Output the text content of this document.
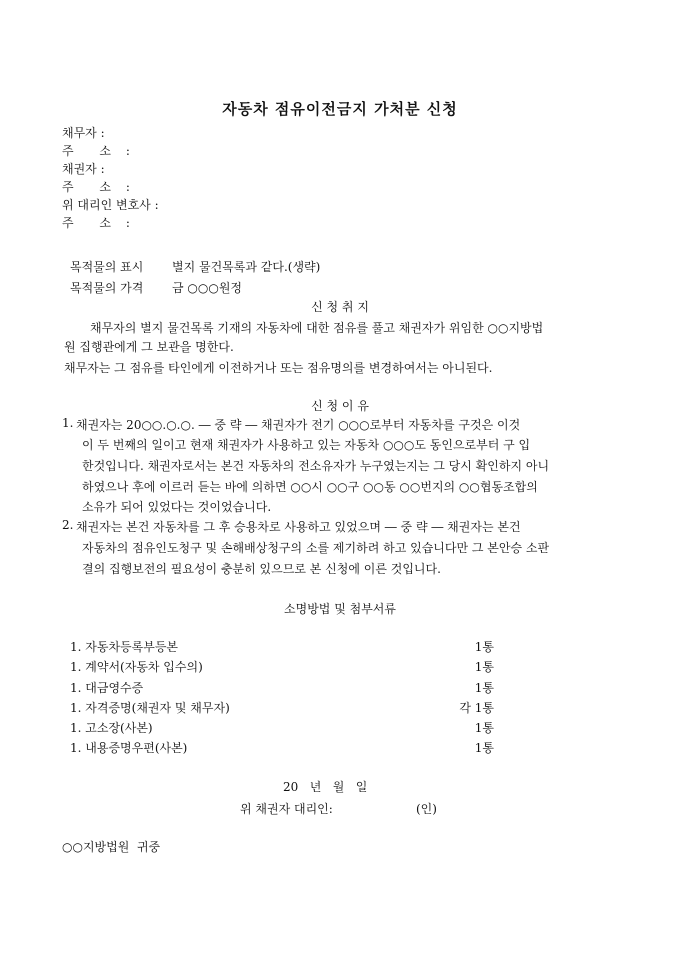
자동차 점유이전금지 가처분 신청
채무자 :
주 소 :
채권자 :
주 소 :
위 대리인 변호사 :
주 소 :
목적물의 표시 별지 물건목록과 같다.(생략)
목적물의 가격 금 ○○○원정
신 청 취 지
채무자의 별지 물건목록 기재의 자동차에 대한 점유를 풀고 채권자가 위임한 ○○지방법
원 집행관에게 그 보관을 명한다.
채무자는 그 점유를 타인에게 이전하거나 또는 점유명의를 변경하여서는 아니된다.
신 청 이 유
1. 채권자는 20○○.○.○. ― 중 략 ― 채권자가 전기 ○○○로부터 자동차를 구것은 이것
이 두 번째의 일이고 현재 채권자가 사용하고 있는 자동차 ○○○도 동인으로부터 구 입
한것입니다. 채권자로서는 본건 자동차의 전소유자가 누구였는지는 그 당시 확인하지 아니
하였으나 후에 이르러 듣는 바에 의하면 ○○시 ○○구 ○○동 ○○번지의 ○○협동조합의
소유가 되어 있었다는 것이었습니다.
2. 채권자는 본건 자동차를 그 후 승용차로 사용하고 있었으며 ― 중 략 ― 채권자는 본건
자동차의 점유인도청구 및 손해배상청구의 소를 제기하려 하고 있습니다만 그 본안승 소판
결의 집행보전의 필요성이 충분히 있으므로 본 신청에 이른 것입니다.
소명방법 및 첨부서류
1. 자동차등록부등본	1통
1. 계약서(자동차 입수의)	1통
1. 대금영수증	1통
1. 자격증명(채권자 및 채무자)	각 1통
1. 고소장(사본)	1통
1. 내용증명우편(사본)	1통
20   년   월   일
위 채권자 대리인:	(인)
○○지방법원  귀중
